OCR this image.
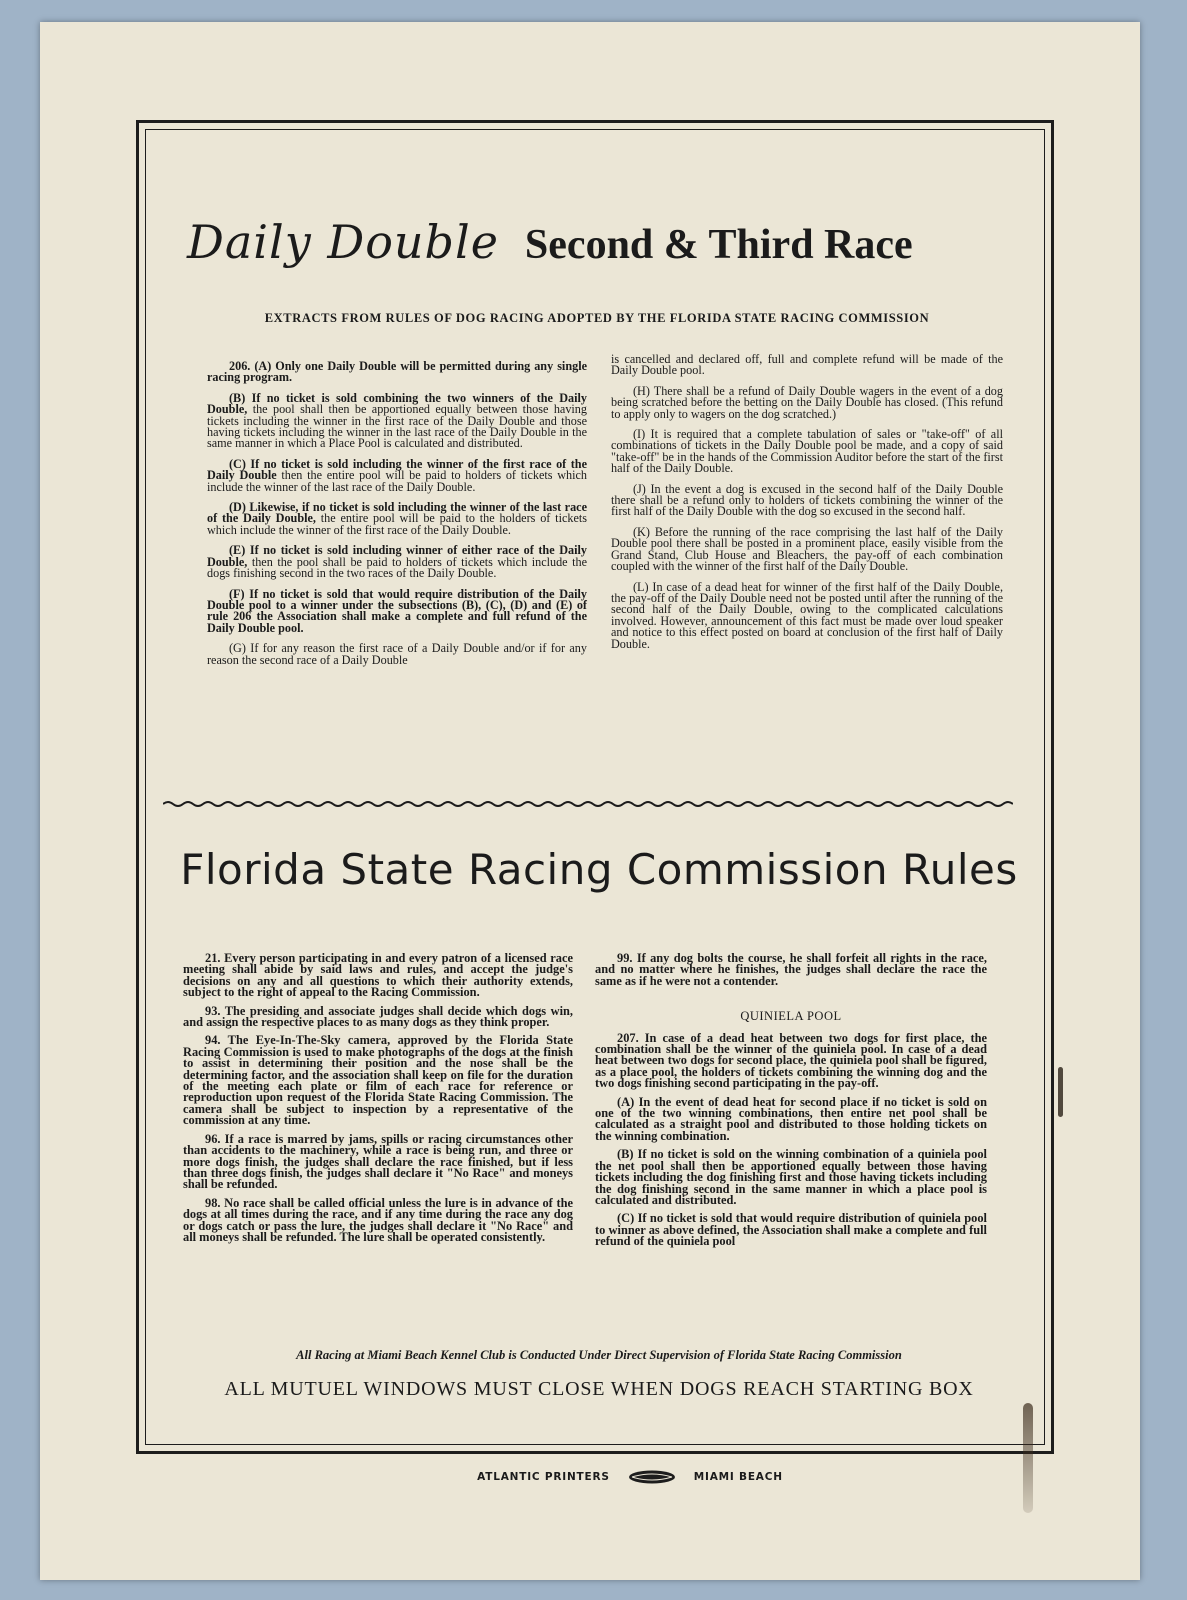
Daily Double Second & Third Race
EXTRACTS FROM RULES OF DOG RACING ADOPTED BY THE FLORIDA STATE RACING COMMISSION

206. (A) Only one Daily Double will be permitted during any single racing program.

(B) If no ticket is sold combining the two winners of the Daily Double, the pool shall then be apportioned equally between those having tickets including the winner in the first race of the Daily Double and those having tickets including the winner in the last race of the Daily Double in the same manner in which a Place Pool is calculated and distributed.

(C) If no ticket is sold including the winner of the first race of the Daily Double then the entire pool will be paid to holders of tickets which include the winner of the last race of the Daily Double.

(D) Likewise, if no ticket is sold including the winner of the last race of the Daily Double, the entire pool will be paid to the holders of tickets which include the winner of the first race of the Daily Double.

(E) If no ticket is sold including winner of either race of the Daily Double, then the pool shall be paid to holders of tickets which include the dogs finishing second in the two races of the Daily Double.

(F) If no ticket is sold that would require distribution of the Daily Double pool to a winner under the subsections (B), (C), (D) and (E) of rule 206 the Association shall make a complete and full refund of the Daily Double pool.

(G) If for any reason the first race of a Daily Double and/or if for any reason the second race of a Daily Double

is cancelled and declared off, full and complete refund will be made of the Daily Double pool.

(H) There shall be a refund of Daily Double wagers in the event of a dog being scratched before the betting on the Daily Double has closed. (This refund to apply only to wagers on the dog scratched.)

(I) It is required that a complete tabulation of sales or "take-off" of all combinations of tickets in the Daily Double pool be made, and a copy of said "take-off" be in the hands of the Commission Auditor before the start of the first half of the Daily Double.

(J) In the event a dog is excused in the second half of the Daily Double there shall be a refund only to holders of tickets combining the winner of the first half of the Daily Double with the dog so excused in the second half.

(K) Before the running of the race comprising the last half of the Daily Double pool there shall be posted in a prominent place, easily visible from the Grand Stand, Club House and Bleachers, the pay-off of each combination coupled with the winner of the first half of the Daily Double.

(L) In case of a dead heat for winner of the first half of the Daily Double, the pay-off of the Daily Double need not be posted until after the running of the second half of the Daily Double, owing to the complicated calculations involved. However, announcement of this fact must be made over loud speaker and notice to this effect posted on board at conclusion of the first half of Daily Double.

Florida State Racing Commission Rules

21. Every person participating in and every patron of a licensed race meeting shall abide by said laws and rules, and accept the judge's decisions on any and all questions to which their authority extends, subject to the right of appeal to the Racing Commission.

93. The presiding and associate judges shall decide which dogs win, and assign the respective places to as many dogs as they think proper.

94. The Eye-In-The-Sky camera, approved by the Florida State Racing Commission is used to make photographs of the dogs at the finish to assist in determining their position and the nose shall be the determining factor, and the association shall keep on file for the duration of the meeting each plate or film of each race for reference or reproduction upon request of the Florida State Racing Commission. The camera shall be subject to inspection by a representative of the commission at any time.

96. If a race is marred by jams, spills or racing circumstances other than accidents to the machinery, while a race is being run, and three or more dogs finish, the judges shall declare the race finished, but if less than three dogs finish, the judges shall declare it "No Race" and moneys shall be refunded.

98. No race shall be called official unless the lure is in advance of the dogs at all times during the race, and if any time during the race any dog or dogs catch or pass the lure, the judges shall declare it "No Race" and all moneys shall be refunded. The lure shall be operated consistently.

99. If any dog bolts the course, he shall forfeit all rights in the race, and no matter where he finishes, the judges shall declare the race the same as if he were not a contender.

QUINIELA POOL

207. In case of a dead heat between two dogs for first place, the combination shall be the winner of the quiniela pool. In case of a dead heat between two dogs for second place, the quiniela pool shall be figured, as a place pool, the holders of tickets combining the winning dog and the two dogs finishing second participating in the pay-off.

(A) In the event of dead heat for second place if no ticket is sold on one of the two winning combinations, then entire net pool shall be calculated as a straight pool and distributed to those holding tickets on the winning combination.

(B) If no ticket is sold on the winning combination of a quiniela pool the net pool shall then be apportioned equally between those having tickets including the dog finishing first and those having tickets including the dog finishing second in the same manner in which a place pool is calculated and distributed.

(C) If no ticket is sold that would require distribution of quiniela pool to winner as above defined, the Association shall make a complete and full refund of the quiniela pool

All Racing at Miami Beach Kennel Club is Conducted Under Direct Supervision of Florida State Racing Commission
ALL MUTUEL WINDOWS MUST CLOSE WHEN DOGS REACH STARTING BOX
ATLANTIC PRINTERS	MIAMI BEACH
